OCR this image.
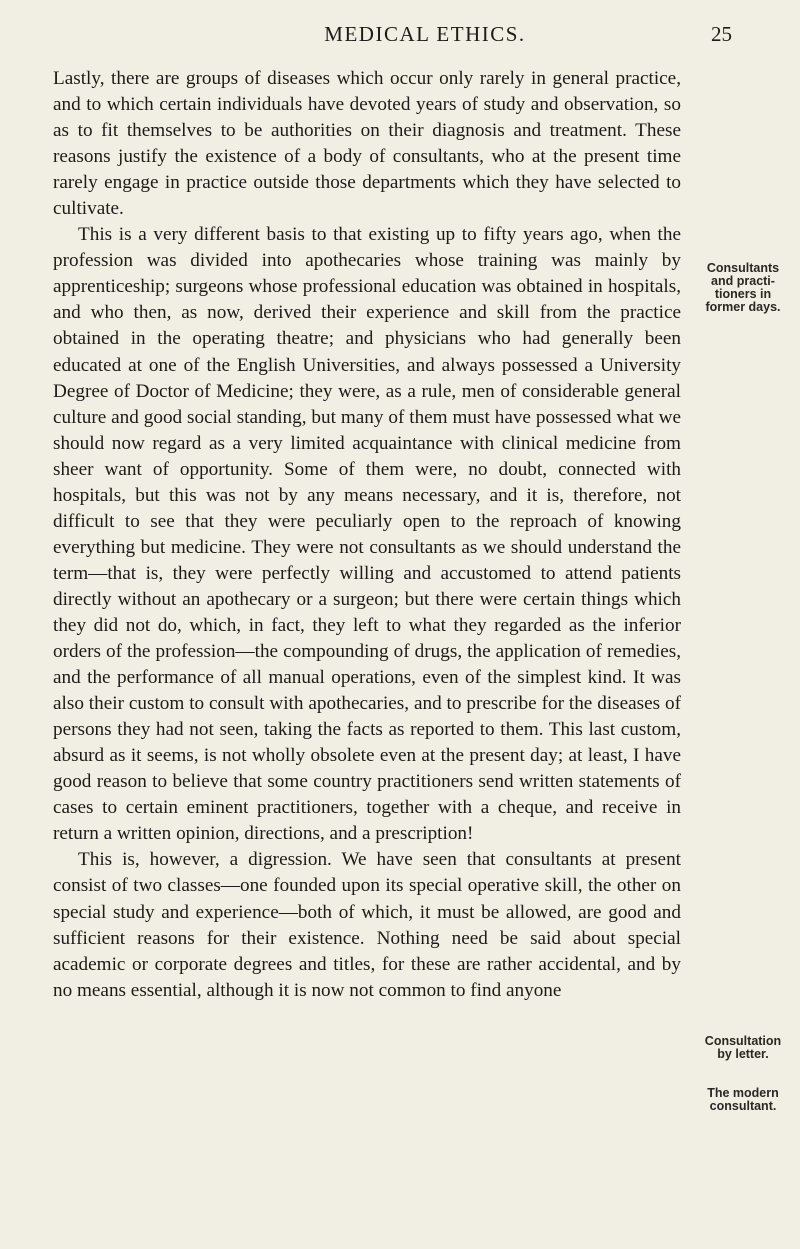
MEDICAL ETHICS.	25

Lastly, there are groups of diseases which occur only rarely in general practice, and to which certain individuals have devoted years of study and observation, so as to fit themselves to be authorities on their diagnosis and treatment. These reasons justify the existence of a body of consultants, who at the present time rarely engage in practice outside those departments which they have selected to cultivate.

This is a very different basis to that existing up to fifty years ago, when the profession was divided into apothecaries whose training was mainly by apprenticeship; surgeons whose professional education was obtained in hospitals, and who then, as now, derived their experience and skill from the practice obtained in the operating theatre; and physicians who had generally been educated at one of the English Universities, and always possessed a University Degree of Doctor of Medicine; they were, as a rule, men of considerable general culture and good social standing, but many of them must have possessed what we should now regard as a very limited acquaintance with clinical medicine from sheer want of opportunity. Some of them were, no doubt, connected with hospitals, but this was not by any means necessary, and it is, therefore, not difficult to see that they were peculiarly open to the reproach of knowing everything but medicine. They were not consultants as we should understand the term—that is, they were perfectly willing and accustomed to attend patients directly without an apothecary or a surgeon; but there were certain things which they did not do, which, in fact, they left to what they regarded as the inferior orders of the profession—the compounding of drugs, the application of remedies, and the performance of all manual operations, even of the simplest kind. It was also their custom to consult with apothecaries, and to prescribe for the diseases of persons they had not seen, taking the facts as reported to them. This last custom, absurd as it seems, is not wholly obsolete even at the present day; at least, I have good reason to believe that some country practitioners send written statements of cases to certain eminent practitioners, together with a cheque, and receive in return a written opinion, directions, and a prescription!

This is, however, a digression. We have seen that consultants at present consist of two classes—one founded upon its special operative skill, the other on special study and experience—both of which, it must be allowed, are good and sufficient reasons for their existence. Nothing need be said about special academic or corporate degrees and titles, for these are rather accidental, and by no means essential, although it is now not common to find anyone

Consultants
and practi-
tioners in
former days.
Consultation
by letter.
The modern
consultant.
